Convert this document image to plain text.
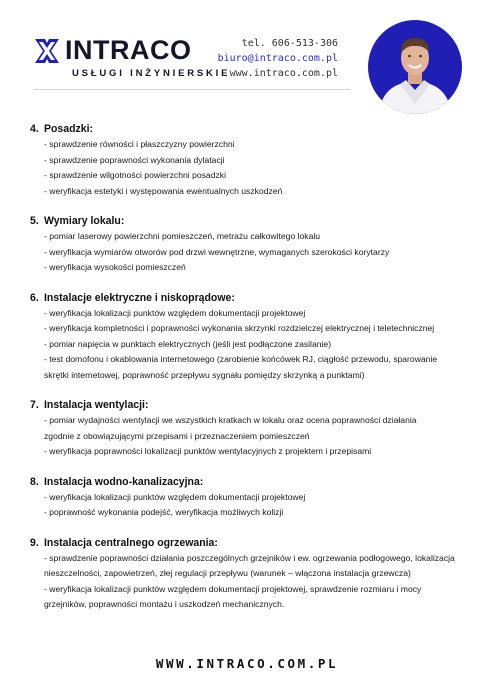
INTRACO
USŁUGI INŻYNIERSKIE
tel. 606-513-306
biuro@intraco.com.pl
www.intraco.com.pl
4. Posadzki:
- sprawdzenie równości i płaszczyzny powierzchni
- sprawdzenie poprawności wykonania dylatacji
- sprawdzenie wilgotności powierzchni posadzki
- weryfikacja estetyki i występowania ewentualnych uszkodzeń
5. Wymiary lokalu:
- pomiar laserowy powierzchni pomieszczeń, metrażu całkowitego lokalu
- weryfikacja wymiarów otworów pod drzwi wewnętrzne, wymaganych szerokości korytarzy
- weryfikacja wysokości pomieszczeń
6. Instalacje elektryczne i niskoprądowe:
- weryfikacja lokalizacji punktów względem dokumentacji projektowej
- weryfikacja kompletności i poprawności wykonania skrzynki rozdzielczej elektrycznej i teletechnicznej
- pomiar napięcia w punktach elektrycznych (jeśli jest podłączone zasilanie)
- test domofonu i okablowania internetowego (zarobienie końcówek RJ, ciągłość przewodu, sparowanie
skrętki internetowej, poprawność przepływu sygnału pomiędzy skrzynką a punktami)
7. Instalacja wentylacji:
- pomiar wydajności wentylacji we wszystkich kratkach w lokalu oraz ocena poprawności działania
zgodnie z obowiązującymi przepisami i przeznaczeniem pomieszczeń
- weryfikacja poprawności lokalizacji punktów wentylacyjnych z projektem i przepisami
8. Instalacja wodno-kanalizacyjna:
- weryfikacja lokalizacji punktów względem dokumentacji projektowej
- poprawność wykonania podejść, weryfikacja możliwych kolizji
9. Instalacja centralnego ogrzewania:
- sprawdzenie poprawności działania poszczególnych grzejników i ew. ogrzewania podłogowego, lokalizacja
nieszczelności, zapowietrzeń, złej regulacji przepływu (warunek – włączona instalacja grzewcza)
- weryfikacja lokalizacji punktów względem dokumentacji projektowej, sprawdzenie rozmiaru i mocy
grzejników, poprawności montażu i uszkodzeń mechanicznych.
WWW.INTRACO.COM.PL
